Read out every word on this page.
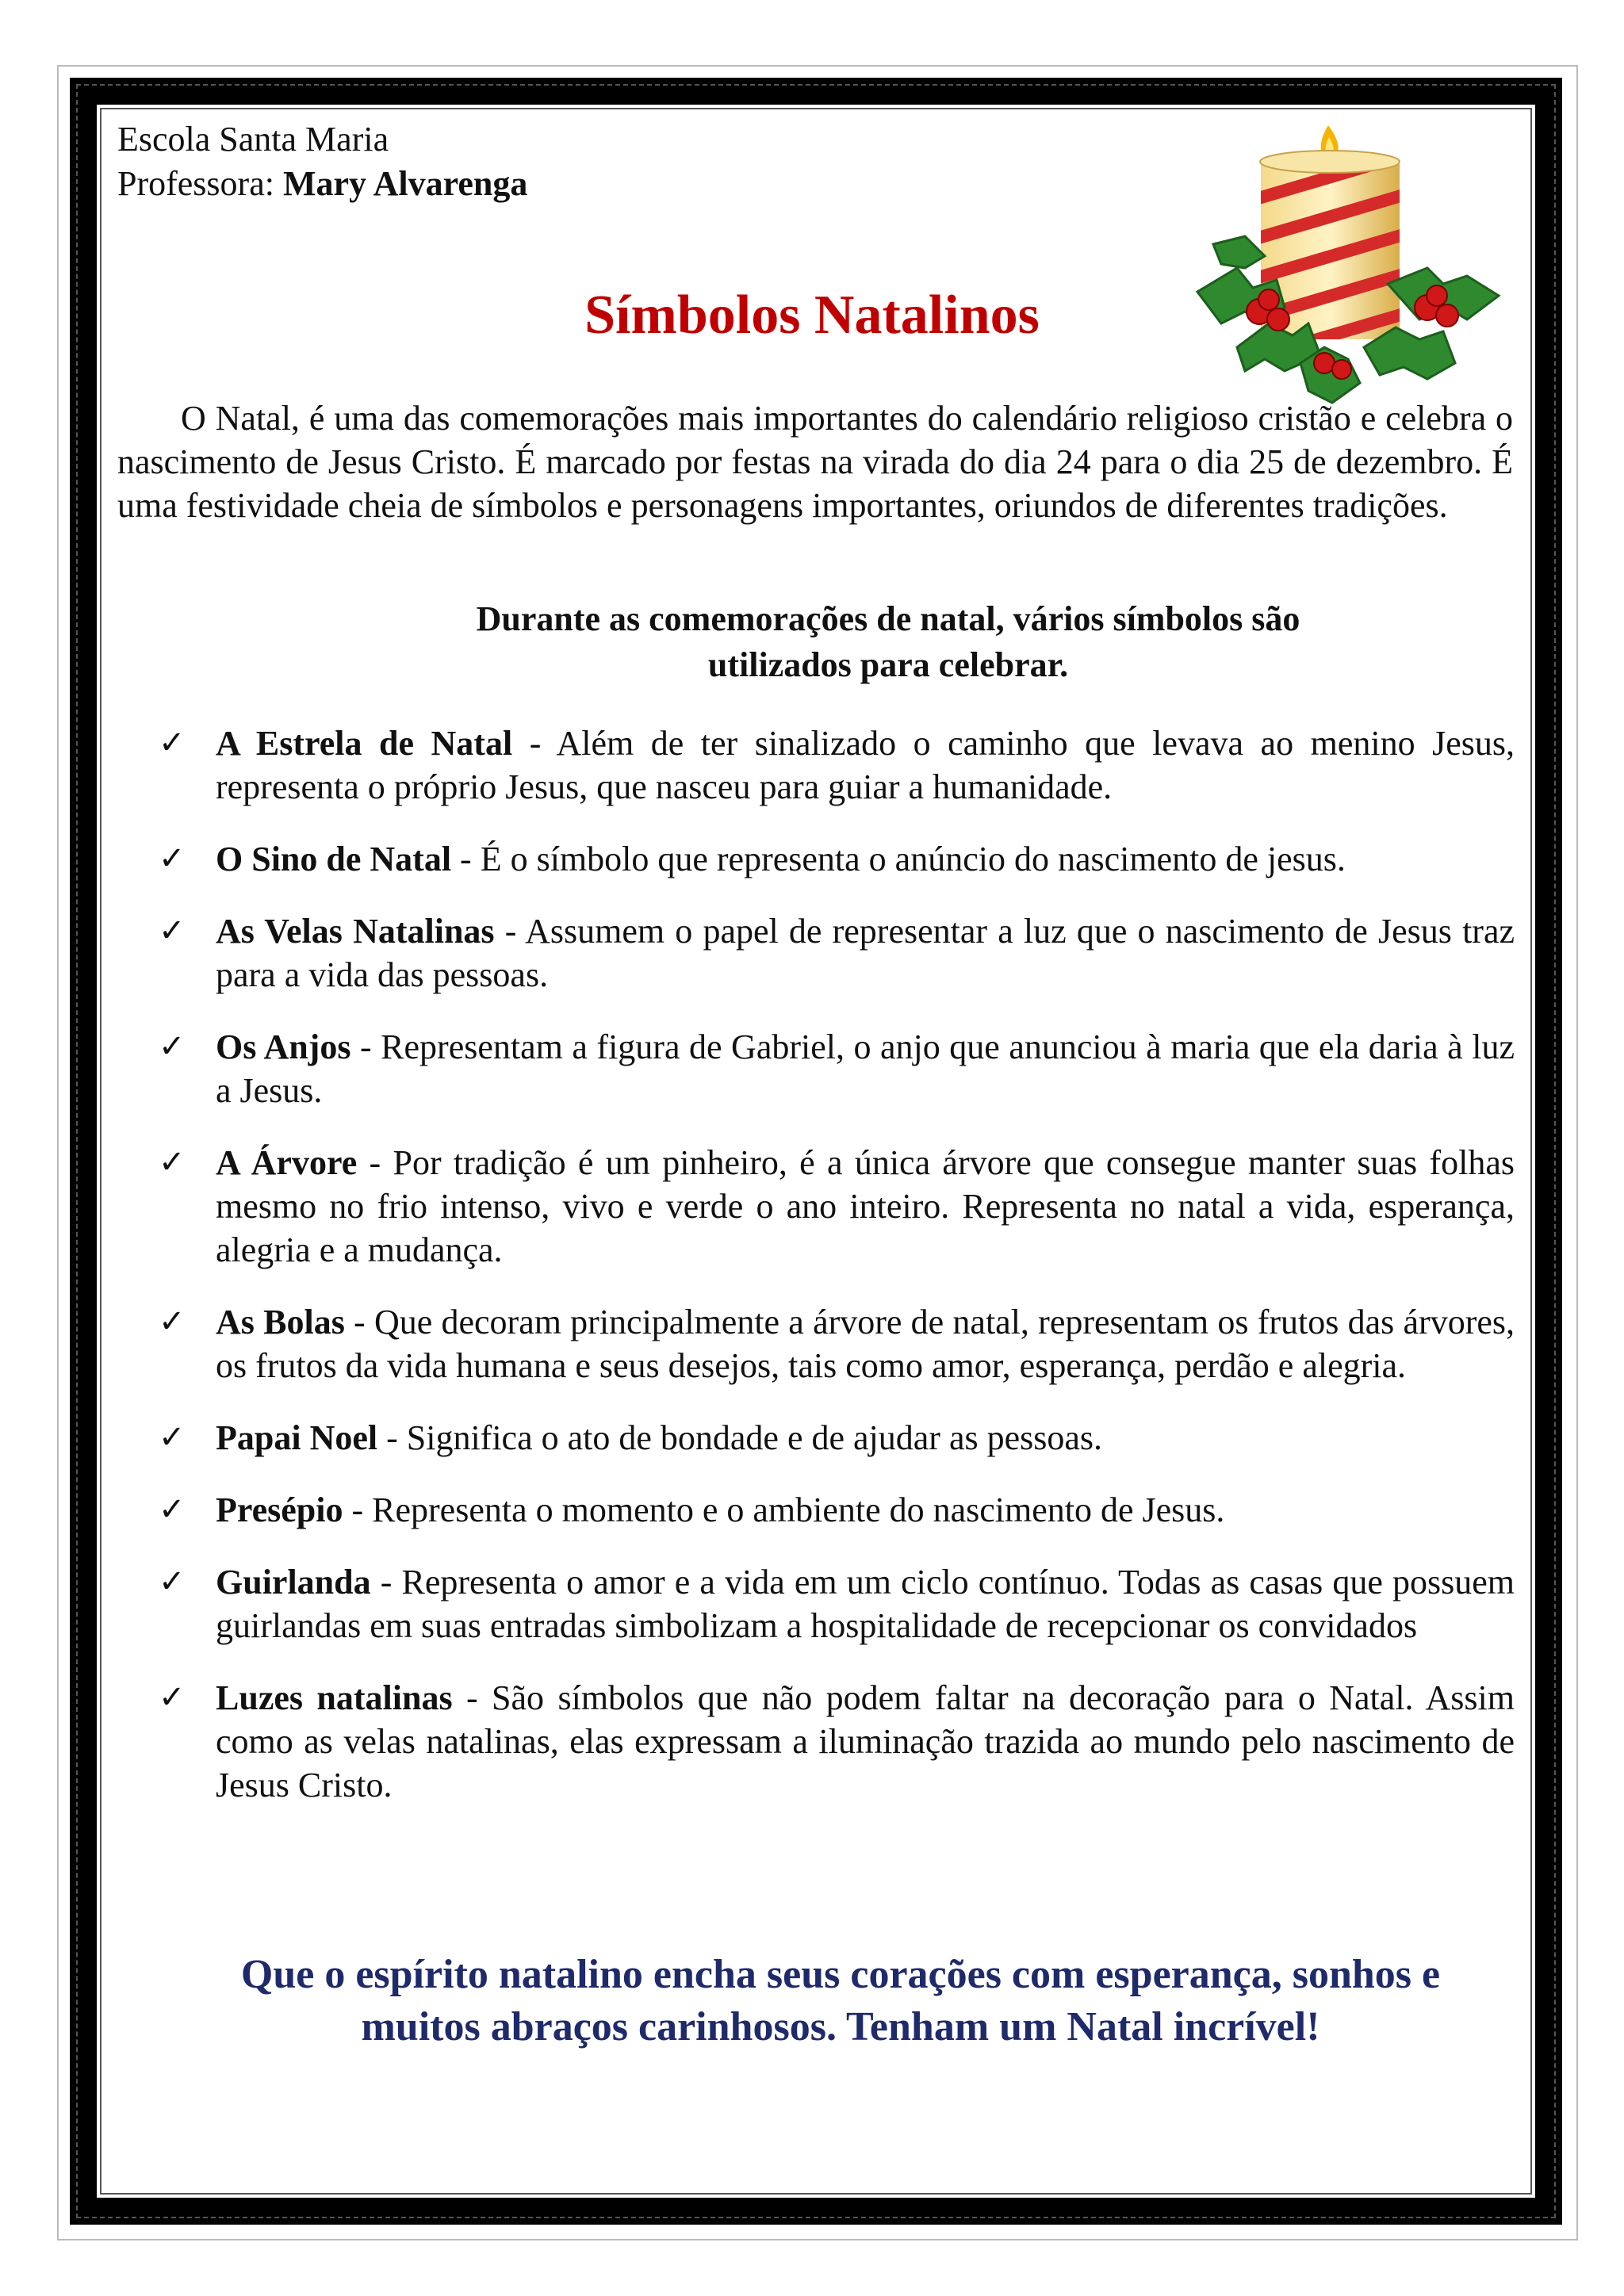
Escola Santa Maria
Professora: Mary Alvarenga
Símbolos Natalinos

O Natal, é uma das comemorações mais importantes do calendário religioso cristão e celebra o nascimento de Jesus Cristo. É marcado por festas na virada do dia 24 para o dia 25 de dezembro. É uma festividade cheia de símbolos e personagens importantes, oriundos de diferentes tradições.

Durante as comemorações de natal, vários símbolos são
utilizados para celebrar.
✓ A Estrela de Natal - Além de ter sinalizado o caminho que levava ao menino Jesus, representa o próprio Jesus, que nasceu para guiar a humanidade.
✓ O Sino de Natal - É o símbolo que representa o anúncio do nascimento de jesus.
✓ As Velas Natalinas - Assumem o papel de representar a luz que o nascimento de Jesus traz para a vida das pessoas.
✓ Os Anjos - Representam a figura de Gabriel, o anjo que anunciou à maria que ela daria à luz a Jesus.
✓ A Árvore - Por tradição é um pinheiro, é a única árvore que consegue manter suas folhas mesmo no frio intenso, vivo e verde o ano inteiro. Representa no natal a vida, esperança, alegria e a mudança.
✓ As Bolas - Que decoram principalmente a árvore de natal, representam os frutos das árvores, os frutos da vida humana e seus desejos, tais como amor, esperança, perdão e alegria.
✓ Papai Noel - Significa o ato de bondade e de ajudar as pessoas.
✓ Presépio - Representa o momento e o ambiente do nascimento de Jesus.
✓ Guirlanda - Representa o amor e a vida em um ciclo contínuo. Todas as casas que possuem guirlandas em suas entradas simbolizam a hospitalidade de recepcionar os convidados
✓ Luzes natalinas - São símbolos que não podem faltar na decoração para o Natal. Assim como as velas natalinas, elas expressam a iluminação trazida ao mundo pelo nascimento de Jesus Cristo.
Que o espírito natalino encha seus corações com esperança, sonhos e
muitos abraços carinhosos. Tenham um Natal incrível!
